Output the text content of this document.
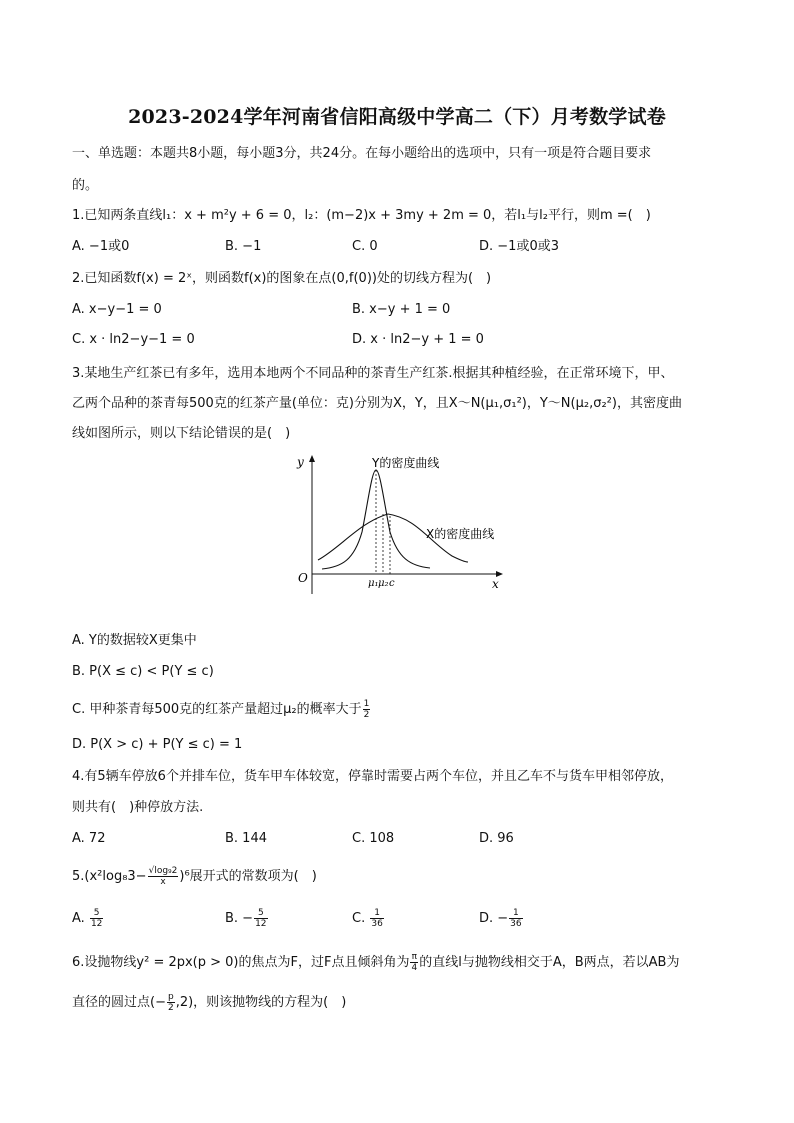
2023-2024学年河南省信阳高级中学高二（下）月考数学试卷
一、单选题：本题共8小题，每小题3分，共24分。在每小题给出的选项中，只有一项是符合题目要求
的。
1.已知两条直线l₁：x + m²y + 6 = 0，l₂：(m−2)x + 3my + 2m = 0，若l₁与l₂平行，则m =(　)
A. −1或0	B. −1	C. 0	D. −1或0或3
2.已知函数f(x) = 2ˣ，则函数f(x)的图象在点(0,f(0))处的切线方程为(　)
A. x−y−1 = 0	B. x−y + 1 = 0
C. x · ln2−y−1 = 0	D. x · ln2−y + 1 = 0
3.某地生产红茶已有多年，选用本地两个不同品种的茶青生产红茶.根据其种植经验，在正常环境下，甲、
乙两个品种的茶青每500克的红茶产量(单位：克)分别为X，Y，且X～N(μ₁,σ₁²)，Y～N(μ₂,σ₂²)，其密度曲
线如图所示，则以下结论错误的是(　)
y
x
O
Y的密度曲线
X的密度曲线
μ₁ μ₂ c
A. Y的数据较X更集中
B. P(X ≤ c) < P(Y ≤ c)
C. 甲种茶青每500克的红茶产量超过μ₂的概率大于 $\frac{1}{2}$
D. P(X > c) + P(Y ≤ c) = 1
4.有5辆车停放6个并排车位，货车甲车体较宽，停靠时需要占两个车位，并且乙车不与货车甲相邻停放，
则共有(　)种停放方法.
A. 72	B. 144	C. 108	D. 96
$5.(x^2\log_83- \frac{\text{√log₉2}}{x} )^6$展开式的常数项为(　)
A. $\frac{5}{12}$	B. − $\frac{5}{12}$	C. $\frac{1}{36}$	D. − $\frac{1}{36}$
6.设抛物线y² = 2px(p > 0)的焦点为F，过F点且倾斜角为 $\frac{\pi}{4}$ 的直线l与抛物线相交于A，B两点，若以AB为
直径的圆过点(− $\frac{p}{2} ,2$)，则该抛物线的方程为(　)
